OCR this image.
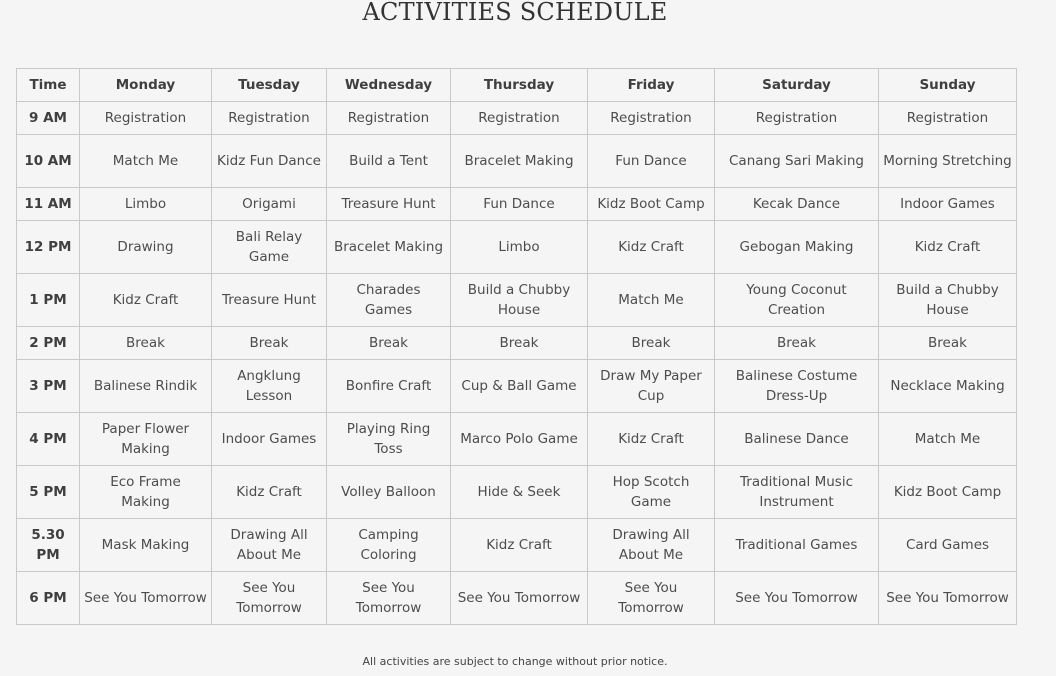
ACTIVITIES SCHEDULE
Time	Monday	Tuesday	Wednesday	Thursday	Friday	Saturday	Sunday
9 AM	Registration	Registration	Registration	Registration	Registration	Registration	Registration
10 AM	Match Me	Kidz Fun Dance	Build a Tent	Bracelet Making	Fun Dance	Canang Sari Making	Morning Stretching
11 AM	Limbo	Origami	Treasure Hunt	Fun Dance	Kidz Boot Camp	Kecak Dance	Indoor Games
12 PM	Drawing	Bali Relay Game	Bracelet Making	Limbo	Kidz Craft	Gebogan Making	Kidz Craft
1 PM	Kidz Craft	Treasure Hunt	Charades Games	Build a Chubby House	Match Me	Young Coconut Creation	Build a Chubby House
2 PM	Break	Break	Break	Break	Break	Break	Break
3 PM	Balinese Rindik	Angklung Lesson	Bonfire Craft	Cup & Ball Game	Draw My Paper Cup	Balinese Costume Dress-Up	Necklace Making
4 PM	Paper Flower Making	Indoor Games	Playing Ring Toss	Marco Polo Game	Kidz Craft	Balinese Dance	Match Me
5 PM	Eco Frame Making	Kidz Craft	Volley Balloon	Hide & Seek	Hop Scotch Game	Traditional Music Instrument	Kidz Boot Camp
5.30 PM	Mask Making	Drawing All About Me	Camping Coloring	Kidz Craft	Drawing All About Me	Traditional Games	Card Games
6 PM	See You Tomorrow	See You Tomorrow	See You Tomorrow	See You Tomorrow	See You Tomorrow	See You Tomorrow	See You Tomorrow
All activities are subject to change without prior notice.
